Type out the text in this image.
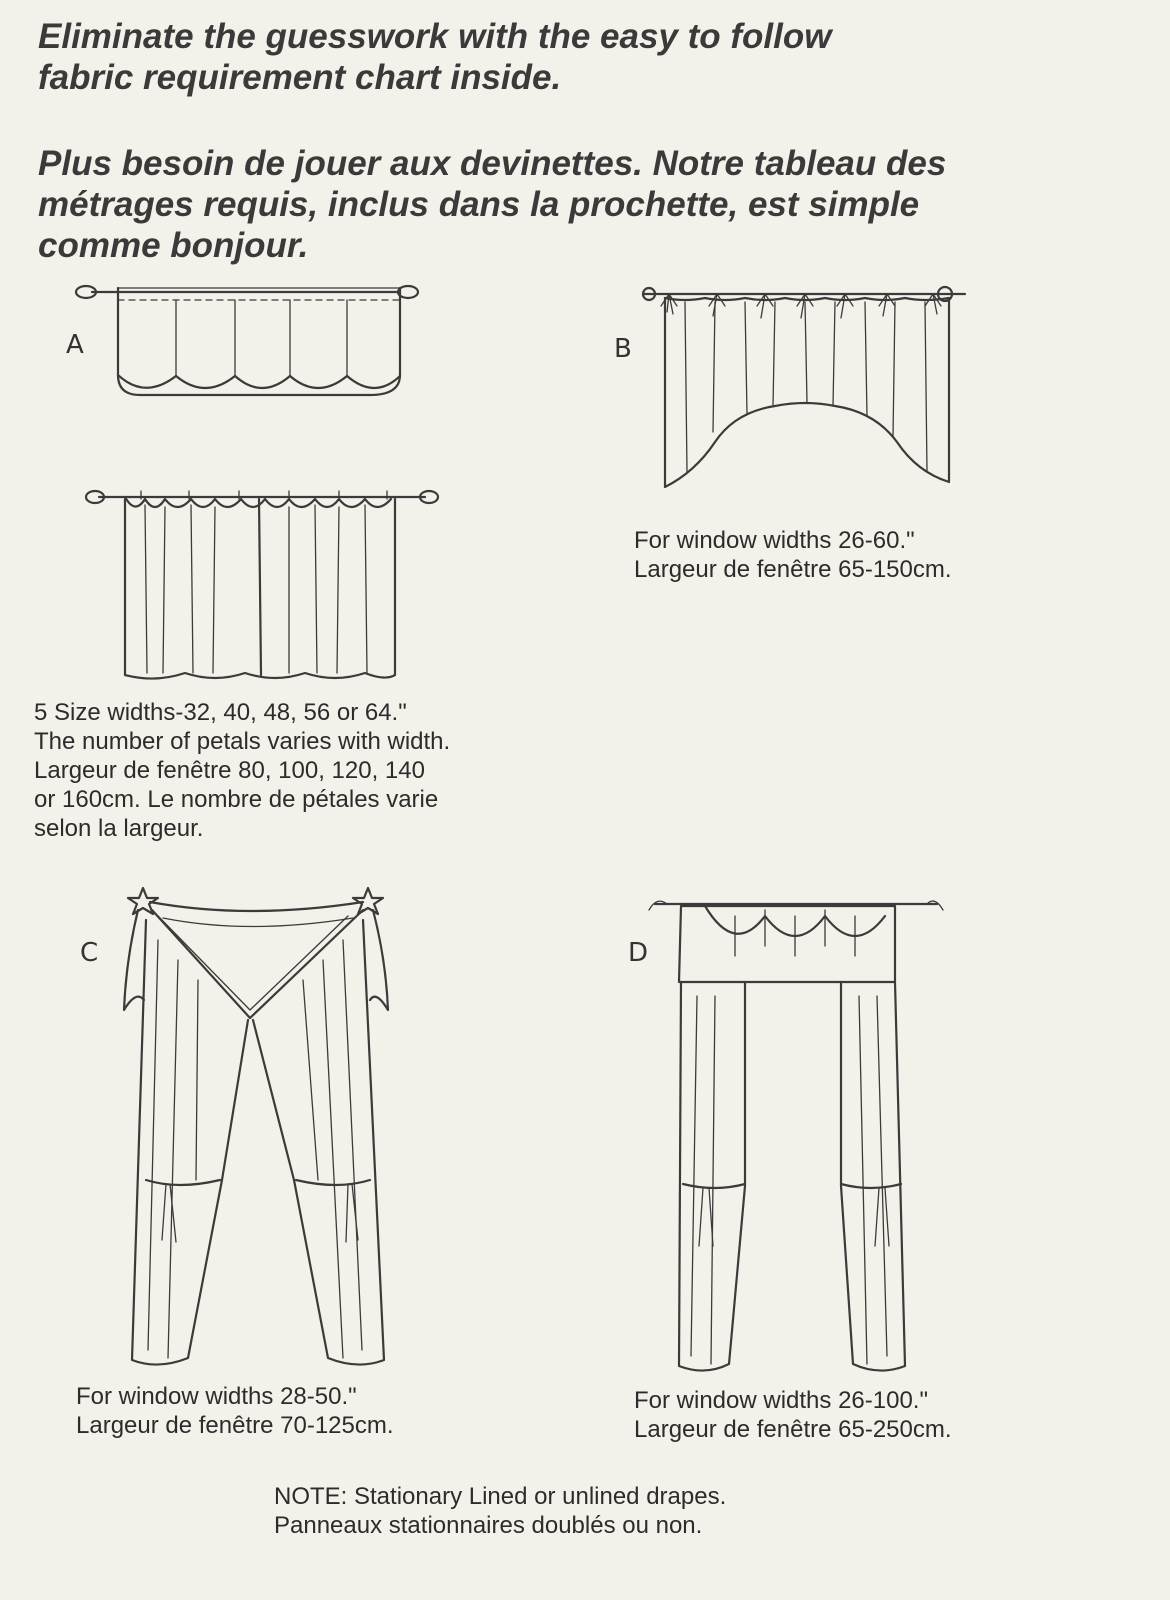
Eliminate the guesswork with the easy to follow
fabric requirement chart inside.

Plus besoin de jouer aux devinettes. Notre tableau des
métrages requis, inclus dans la prochette, est simple
comme bonjour.

A

5 Size widths-32, 40, 48, 56 or 64."
The number of petals varies with width.
Largeur de fenêtre 80, 100, 120, 140
or 160cm. Le nombre de pétales varie
selon la largeur.

B

For window widths 26-60."
Largeur de fenêtre 65-150cm.

C

For window widths 28-50."
Largeur de fenêtre 70-125cm.

D

For window widths 26-100."
Largeur de fenêtre 65-250cm.

NOTE: Stationary Lined or unlined drapes.
Panneaux stationnaires doublés ou non.
